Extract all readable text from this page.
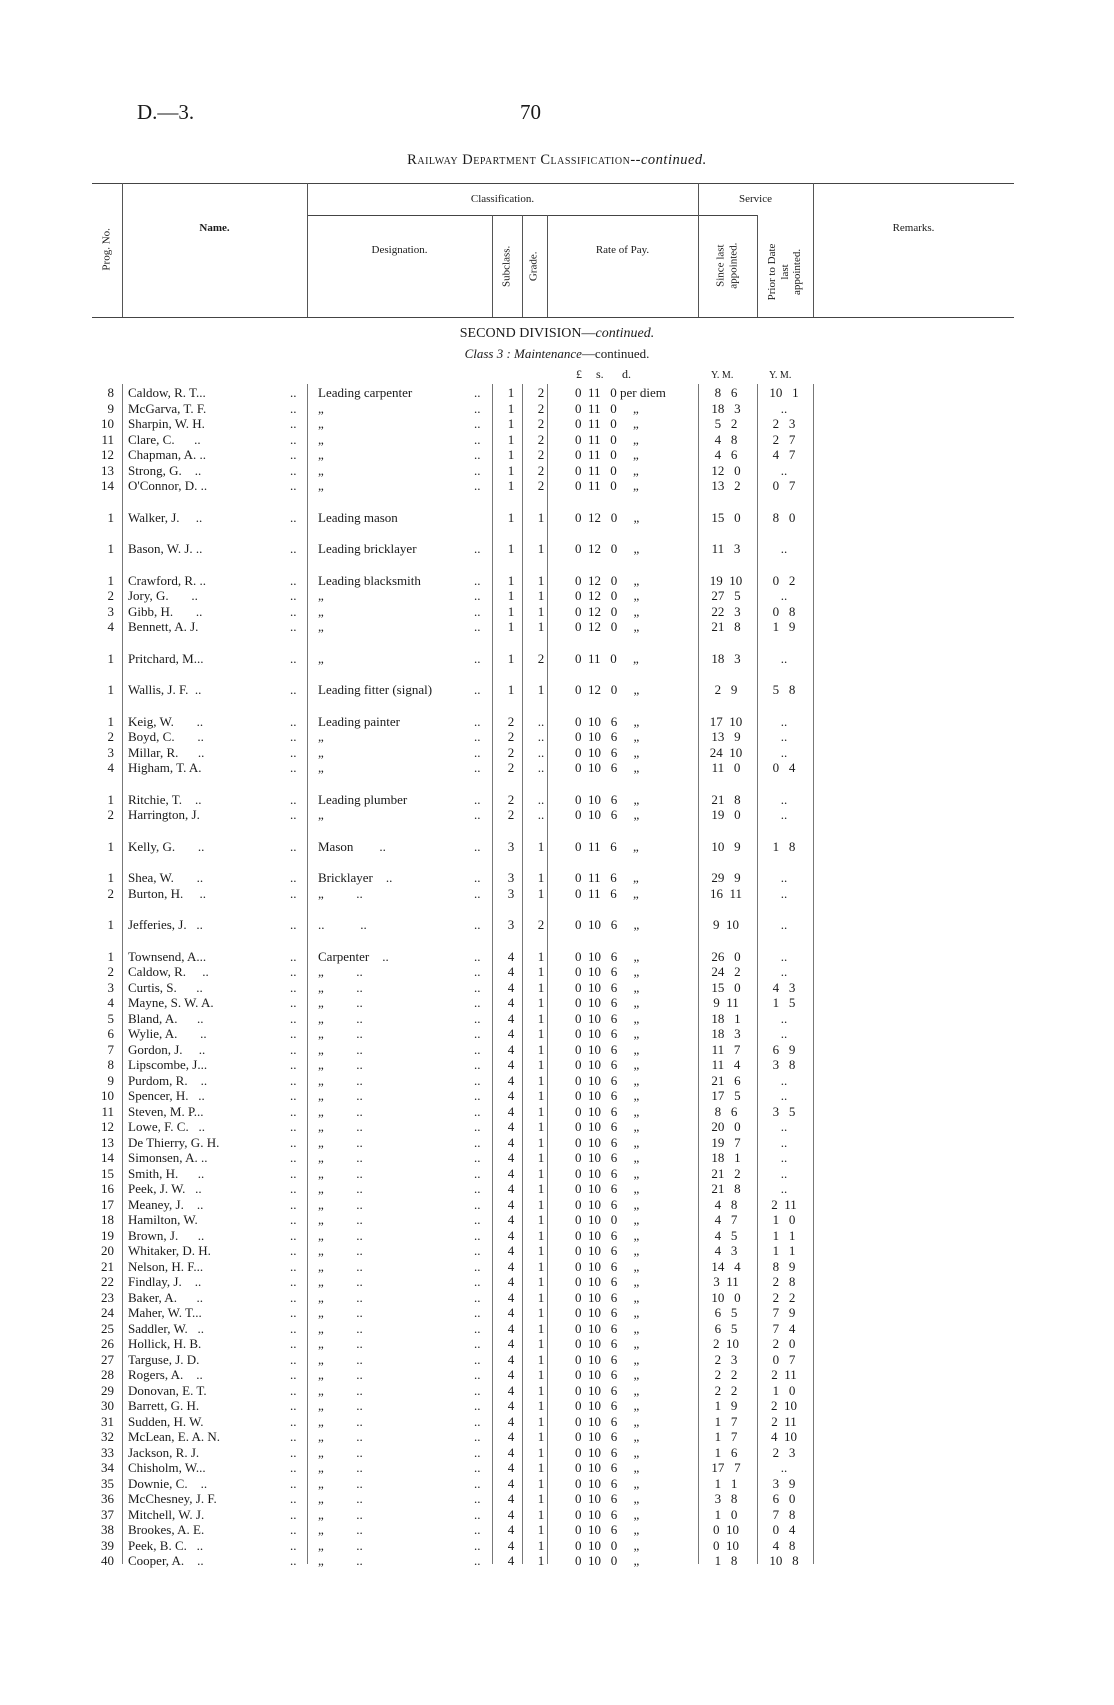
D.—3.	70
Railway Department Classification--continued.
Prog. No.
Name.
Classification.
Designation.	Subclass. Grade.
Rate of Pay.
Service
Since last
appointed. Prior to Date
last
appointed.
Remarks.
SECOND DIVISION—continued.
Class 3 : Maintenance—continued.
£ s. d.	Y. M.	Y. M.
8 Caldow, R. T...	.. Leading carpenter	.. 1	2	0  11   0 per diem	8   6	10   1
9 McGarva, T. F.	.. „	.. 1	2	0  11   0     „	18   3	..
10 Sharpin, W. H.	.. „	.. 1	2	0  11   0     „	5   2	2   3
11 Clare, C.      ..	.. „	.. 1	2	0  11   0     „	4   8	2   7
12 Chapman, A. ..	.. „	.. 1	2	0  11   0     „	4   6	4   7
13 Strong, G.    ..	.. „	.. 1	2	0  11   0     „	12   0	..
14 O'Connor, D. ..	.. „	.. 1	2	0  11   0     „	13   2	0   7
1 Walker, J.     ..	.. Leading mason	1	1	0  12   0     „	15   0	8   0
1 Bason, W. J. ..	.. Leading bricklayer	.. 1	1	0  12   0     „	11   3	..
1 Crawford, R. ..	.. Leading blacksmith	.. 1	1	0  12   0     „	19  10	0   2
2 Jory, G.       ..	.. „	.. 1	1	0  12   0     „	27   5	..
3 Gibb, H.       ..	.. „	.. 1	1	0  12   0     „	22   3	0   8
4 Bennett, A. J.	.. „	.. 1	1	0  12   0     „	21   8	1   9
1 Pritchard, M...	.. „	.. 1	2	0  11   0     „	18   3	..
1 Wallis, J. F.  ..	.. Leading fitter (signal)	.. 1	1	0  12   0     „	2   9	5   8
1 Keig, W.       ..	.. Leading painter	.. 2	..	0  10   6     „	17  10	..
2 Boyd, C.       ..	.. „	.. 2	..	0  10   6     „	13   9	..
3 Millar, R.      ..	.. „	.. 2	..	0  10   6     „	24  10	..
4 Higham, T. A.	.. „	.. 2	..	0  10   6     „	11   0	0   4
1 Ritchie, T.    ..	.. Leading plumber	.. 2	..	0  10   6     „	21   8	..
2 Harrington, J.	.. „	.. 2	..	0  10   6     „	19   0	..
1 Kelly, G.       ..	.. Mason        ..	.. 3	1	0  11   6     „	10   9	1   8
1 Shea, W.       ..	.. Bricklayer    ..	.. 3	1	0  11   6     „	29   9	..
2 Burton, H.     ..	.. „          ..	.. 3	1	0  11   6     „	16  11	..
1 Jefferies, J.   ..	.. ..           ..	.. 3	2	0  10   6     „	9  10	..
1 Townsend, A...	.. Carpenter    ..	.. 4	1	0  10   6     „	26   0	..
2 Caldow, R.     ..	.. „          ..	.. 4	1	0  10   6     „	24   2	..
3 Curtis, S.      ..	.. „          ..	.. 4	1	0  10   6     „	15   0	4   3
4 Mayne, S. W. A.	.. „          ..	.. 4	1	0  10   6     „	9  11	1   5
5 Bland, A.      ..	.. „          ..	.. 4	1	0  10   6     „	18   1	..
6 Wylie, A.       ..	.. „          ..	.. 4	1	0  10   6     „	18   3	..
7 Gordon, J.     ..	.. „          ..	.. 4	1	0  10   6     „	11   7	6   9
8 Lipscombe, J...	.. „          ..	.. 4	1	0  10   6     „	11   4	3   8
9 Purdom, R.    ..	.. „          ..	.. 4	1	0  10   6     „	21   6	..
10 Spencer, H.   ..	.. „          ..	.. 4	1	0  10   6     „	17   5	..
11 Steven, M. P...	.. „          ..	.. 4	1	0  10   6     „	8   6	3   5
12 Lowe, F. C.   ..	.. „          ..	.. 4	1	0  10   6     „	20   0	..
13 De Thierry, G. H.	.. „          ..	.. 4	1	0  10   6     „	19   7	..
14 Simonsen, A. ..	.. „          ..	.. 4	1	0  10   6     „	18   1	..
15 Smith, H.      ..	.. „          ..	.. 4	1	0  10   6     „	21   2	..
16 Peek, J. W.   ..	.. „          ..	.. 4	1	0  10   6     „	21   8	..
17 Meaney, J.    ..	.. „          ..	.. 4	1	0  10   6     „	4   8	2  11
18 Hamilton, W.	.. „          ..	.. 4	1	0  10   0     „	4   7	1   0
19 Brown, J.      ..	.. „          ..	.. 4	1	0  10   6     „	4   5	1   1
20 Whitaker, D. H.	.. „          ..	.. 4	1	0  10   6     „	4   3	1   1
21 Nelson, H. F...	.. „          ..	.. 4	1	0  10   6     „	14   4	8   9
22 Findlay, J.    ..	.. „          ..	.. 4	1	0  10   6     „	3  11	2   8
23 Baker, A.      ..	.. „          ..	.. 4	1	0  10   6     „	10   0	2   2
24 Maher, W. T...	.. „          ..	.. 4	1	0  10   6     „	6   5	7   9
25 Saddler, W.   ..	.. „          ..	.. 4	1	0  10   6     „	6   5	7   4
26 Hollick, H. B.	.. „          ..	.. 4	1	0  10   6     „	2  10	2   0
27 Targuse, J. D.	.. „          ..	.. 4	1	0  10   6     „	2   3	0   7
28 Rogers, A.    ..	.. „          ..	.. 4	1	0  10   6     „	2   2	2  11
29 Donovan, E. T.	.. „          ..	.. 4	1	0  10   6     „	2   2	1   0
30 Barrett, G. H.	.. „          ..	.. 4	1	0  10   6     „	1   9	2  10
31 Sudden, H. W.	.. „          ..	.. 4	1	0  10   6     „	1   7	2  11
32 McLean, E. A. N.	.. „          ..	.. 4	1	0  10   6     „	1   7	4  10
33 Jackson, R. J.	.. „          ..	.. 4	1	0  10   6     „	1   6	2   3
34 Chisholm, W...	.. „          ..	.. 4	1	0  10   6     „	17   7	..
35 Downie, C.    ..	.. „          ..	.. 4	1	0  10   6     „	1   1	3   9
36 McChesney, J. F.	.. „          ..	.. 4	1	0  10   6     „	3   8	6   0
37 Mitchell, W. J.	.. „          ..	.. 4	1	0  10   6     „	1   0	7   8
38 Brookes, A. E.	.. „          ..	.. 4	1	0  10   6     „	0  10	0   4
39 Peek, B. C.   ..	.. „          ..	.. 4	1	0  10   0     „	0  10	4   8
40 Cooper, A.    ..	.. „          ..	.. 4	1	0  10   0     „	1   8	10   8
